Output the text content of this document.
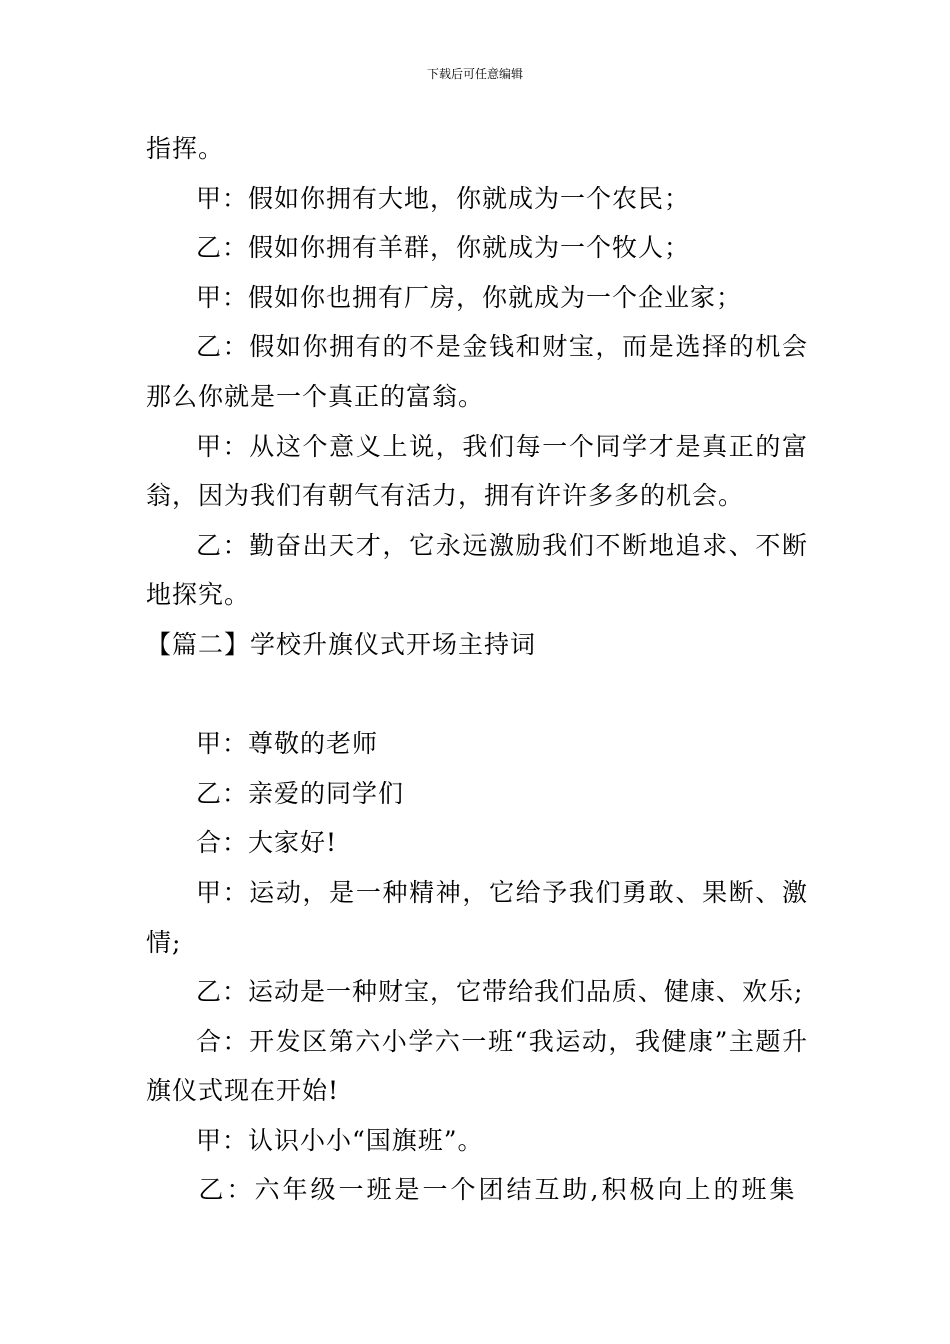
下载后可任意编辑

指挥。

甲：假如你拥有大地，你就成为一个农民；

乙：假如你拥有羊群，你就成为一个牧人；

甲：假如你也拥有厂房，你就成为一个企业家；

乙：假如你拥有的不是金钱和财宝，而是选择的机会那么你就是一个真正的富翁。

甲：从这个意义上说，我们每一个同学才是真正的富翁，因为我们有朝气有活力，拥有许许多多的机会。

乙：勤奋出天才，它永远激励我们不断地追求、不断地探究。

【篇二】学校升旗仪式开场主持词

甲：尊敬的老师

乙：亲爱的同学们

合：大家好!

甲：运动，是一种精神，它给予我们勇敢、果断、激情;

乙：运动是一种财宝，它带给我们品质、健康、欢乐;

合：开发区第六小学六一班“我运动，我健康”主题升旗仪式现在开始!

甲：认识小小“国旗班”。

乙：六年级一班是一个团结互助,积极向上的班集
